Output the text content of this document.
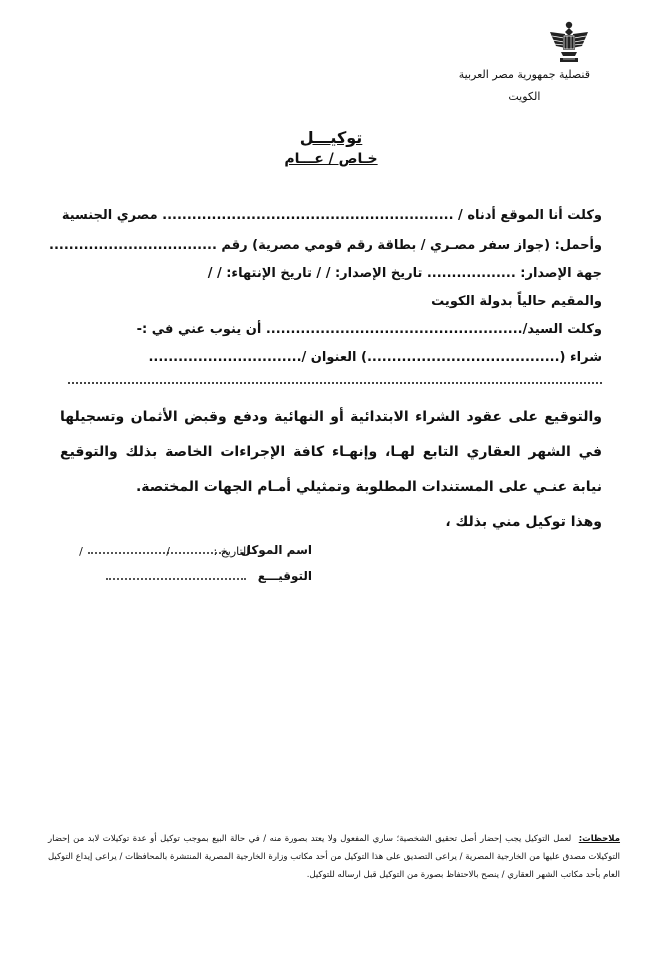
قنصلية جمهورية مصر العربية
الكويت
توكيـــل
خـاص / عـــام
وكلت أنا الموقع أدناه / ........................................................... مصري الجنسية
وأحمل: (جواز سفر مصـري / بطاقة رقم قومي مصرية) رقم ..................................
جهة الإصدار: .................. تاريخ الإصدار: / / تاريخ الإنتهاء: / /
والمقيم حالياً بدولة الكويت
وكلت السيد/.................................................... أن ينوب عني في :-
شراء (.......................................) العنوان /...............................

والتوقيع على عقود الشراء الابتدائية أو النهائية ودفع وقبض الأثمان وتسجيلها في الشهر العقاري التابع لهـا، وإنهـاء كافة الإجراءات الخاصة بذلك والتوقيع نيابة عنـي على المستندات المطلوبة وتمثيلي أمـام الجهات المختصة.

وهذا توكيل مني بذلك ،

اسم الموكل
التوقيـــع
التاريخ : / /
ملاحظات: لعمل التوكيل يجب إحضار أصل تحقيق الشخصية؛ ساري المفعول ولا يعتد بصورة منه / في حالة البيع بموجب توكيل أو عدة توكيلات لابد من إحضار التوكيلات مصدق عليها من الخارجية المصرية / يراعى التصديق على هذا التوكيل من أحد مكاتب وزارة الخارجية المصرية المنتشرة بالمحافظات / يراعى إيداع التوكيل العام بأحد مكاتب الشهر العقاري / ينصح بالاحتفاظ بصورة من التوكيل قبل ارساله للتوكيل.
